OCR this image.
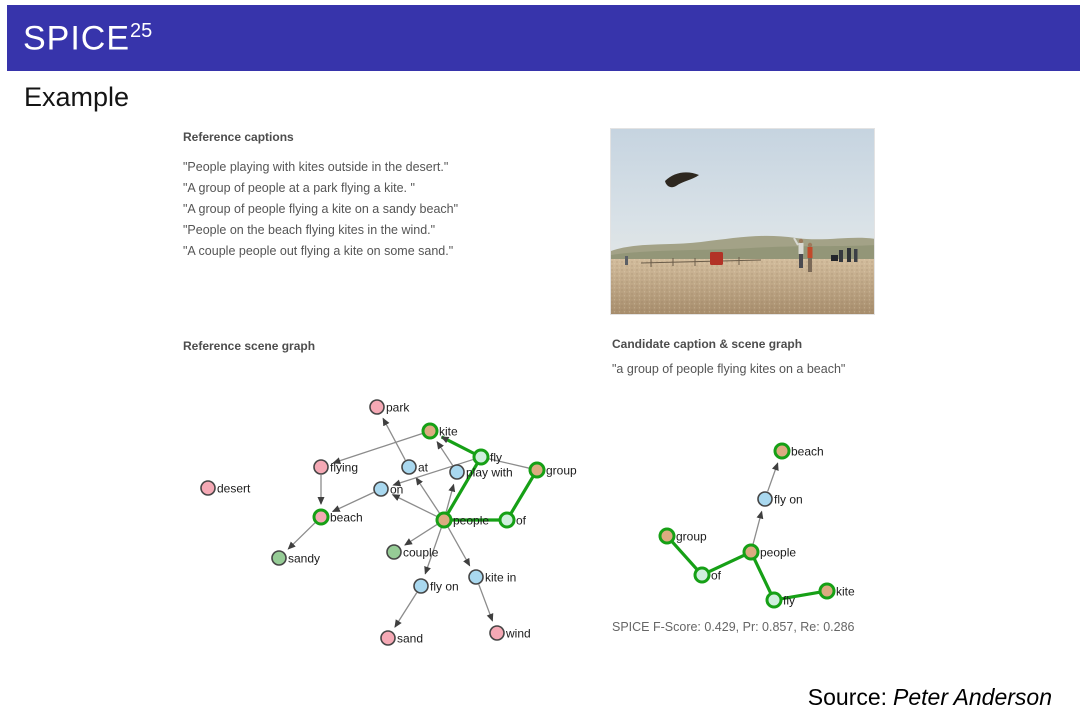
SPICE$^{25}$
Example
Reference captions
"People playing with kites outside in the desert."
"A group of people at a park flying a kite. "
"A group of people flying a kite on a sandy beach"
"People on the beach flying kites in the wind."
"A couple people out flying a kite on some sand."
Reference scene graph	Candidate caption & scene graph
"a group of people flying kites on a beach"
park
kite
flying	at
fly
play with	group
desert	on
beach	people of
sandy	couple
fly on
kite in
sand	wind
beach
fly on
group
people
of
fly
kite
SPICE F-Score: 0.429, Pr: 0.857, Re: 0.286
Source: Peter Anderson
